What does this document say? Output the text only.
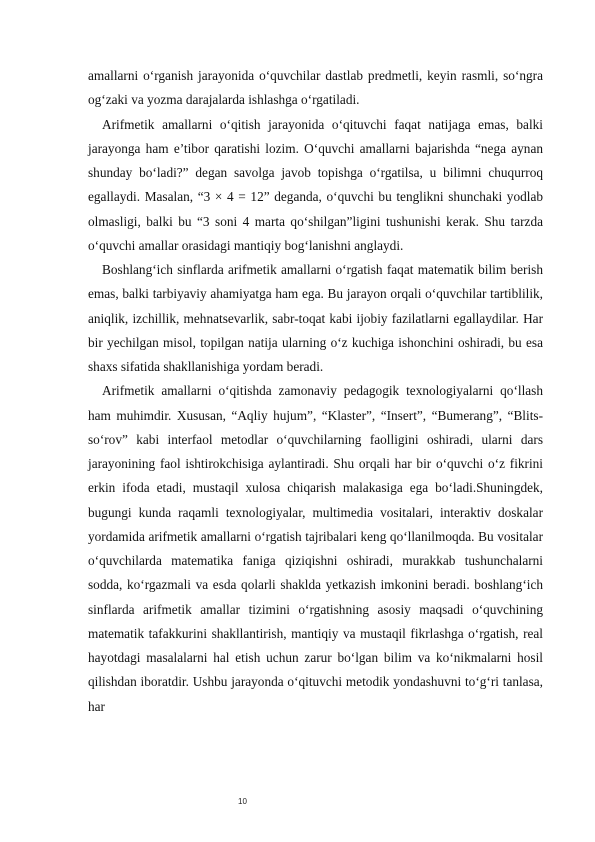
amallarni o‘rganish jarayonida o‘quvchilar dastlab predmetli, keyin rasmli, so‘ngra og‘zaki va yozma darajalarda ishlashga o‘rgatiladi.

Arifmetik amallarni o‘qitish jarayonida o‘qituvchi faqat natijaga emas, balki jarayonga ham e’tibor qaratishi lozim. O‘quvchi amallarni bajarishda “nega aynan shunday bo‘ladi?” degan savolga javob topishga o‘rgatilsa, u bilimni chuqurroq egallaydi. Masalan, “3 × 4 = 12” deganda, o‘quvchi bu tenglikni shunchaki yodlab olmasligi, balki bu “3 soni 4 marta qo‘shilgan”ligini tushunishi kerak. Shu tarzda o‘quvchi amallar orasidagi mantiqiy bog‘lanishni anglaydi.

Boshlang‘ich sinflarda arifmetik amallarni o‘rgatish faqat matematik bilim berish emas, balki tarbiyaviy ahamiyatga ham ega. Bu jarayon orqali o‘quvchilar tartiblilik, aniqlik, izchillik, mehnatsevarlik, sabr-toqat kabi ijobiy fazilatlarni egallaydilar. Har bir yechilgan misol, topilgan natija ularning o‘z kuchiga ishonchini oshiradi, bu esa shaxs sifatida shakllanishiga yordam beradi.

Arifmetik amallarni o‘qitishda zamonaviy pedagogik texnologiyalarni qo‘llash ham muhimdir. Xususan, “Aqliy hujum”, “Klaster”, “Insert”, “Bumerang”, “Blits-so‘rov” kabi interfaol metodlar o‘quvchilarning faolligini oshiradi, ularni dars jarayonining faol ishtirokchisiga aylantiradi. Shu orqali har bir o‘quvchi o‘z fikrini erkin ifoda etadi, mustaqil xulosa chiqarish malakasiga ega bo‘ladi.Shuningdek, bugungi kunda raqamli texnologiyalar, multimedia vositalari, interaktiv doskalar yordamida arifmetik amallarni o‘rgatish tajribalari keng qo‘llanilmoqda. Bu vositalar o‘quvchilarda matematika faniga qiziqishni oshiradi, murakkab tushunchalarni sodda, ko‘rgazmali va esda qolarli shaklda yetkazish imkonini beradi. boshlang‘ich sinflarda arifmetik amallar tizimini o‘rgatishning asosiy maqsadi o‘quvchining matematik tafakkurini shakllantirish, mantiqiy va mustaqil fikrlashga o‘rgatish, real hayotdagi masalalarni hal etish uchun zarur bo‘lgan bilim va ko‘nikmalarni hosil qilishdan iboratdir. Ushbu jarayonda o‘qituvchi metodik yondashuvni to‘g‘ri tanlasa, har

10
